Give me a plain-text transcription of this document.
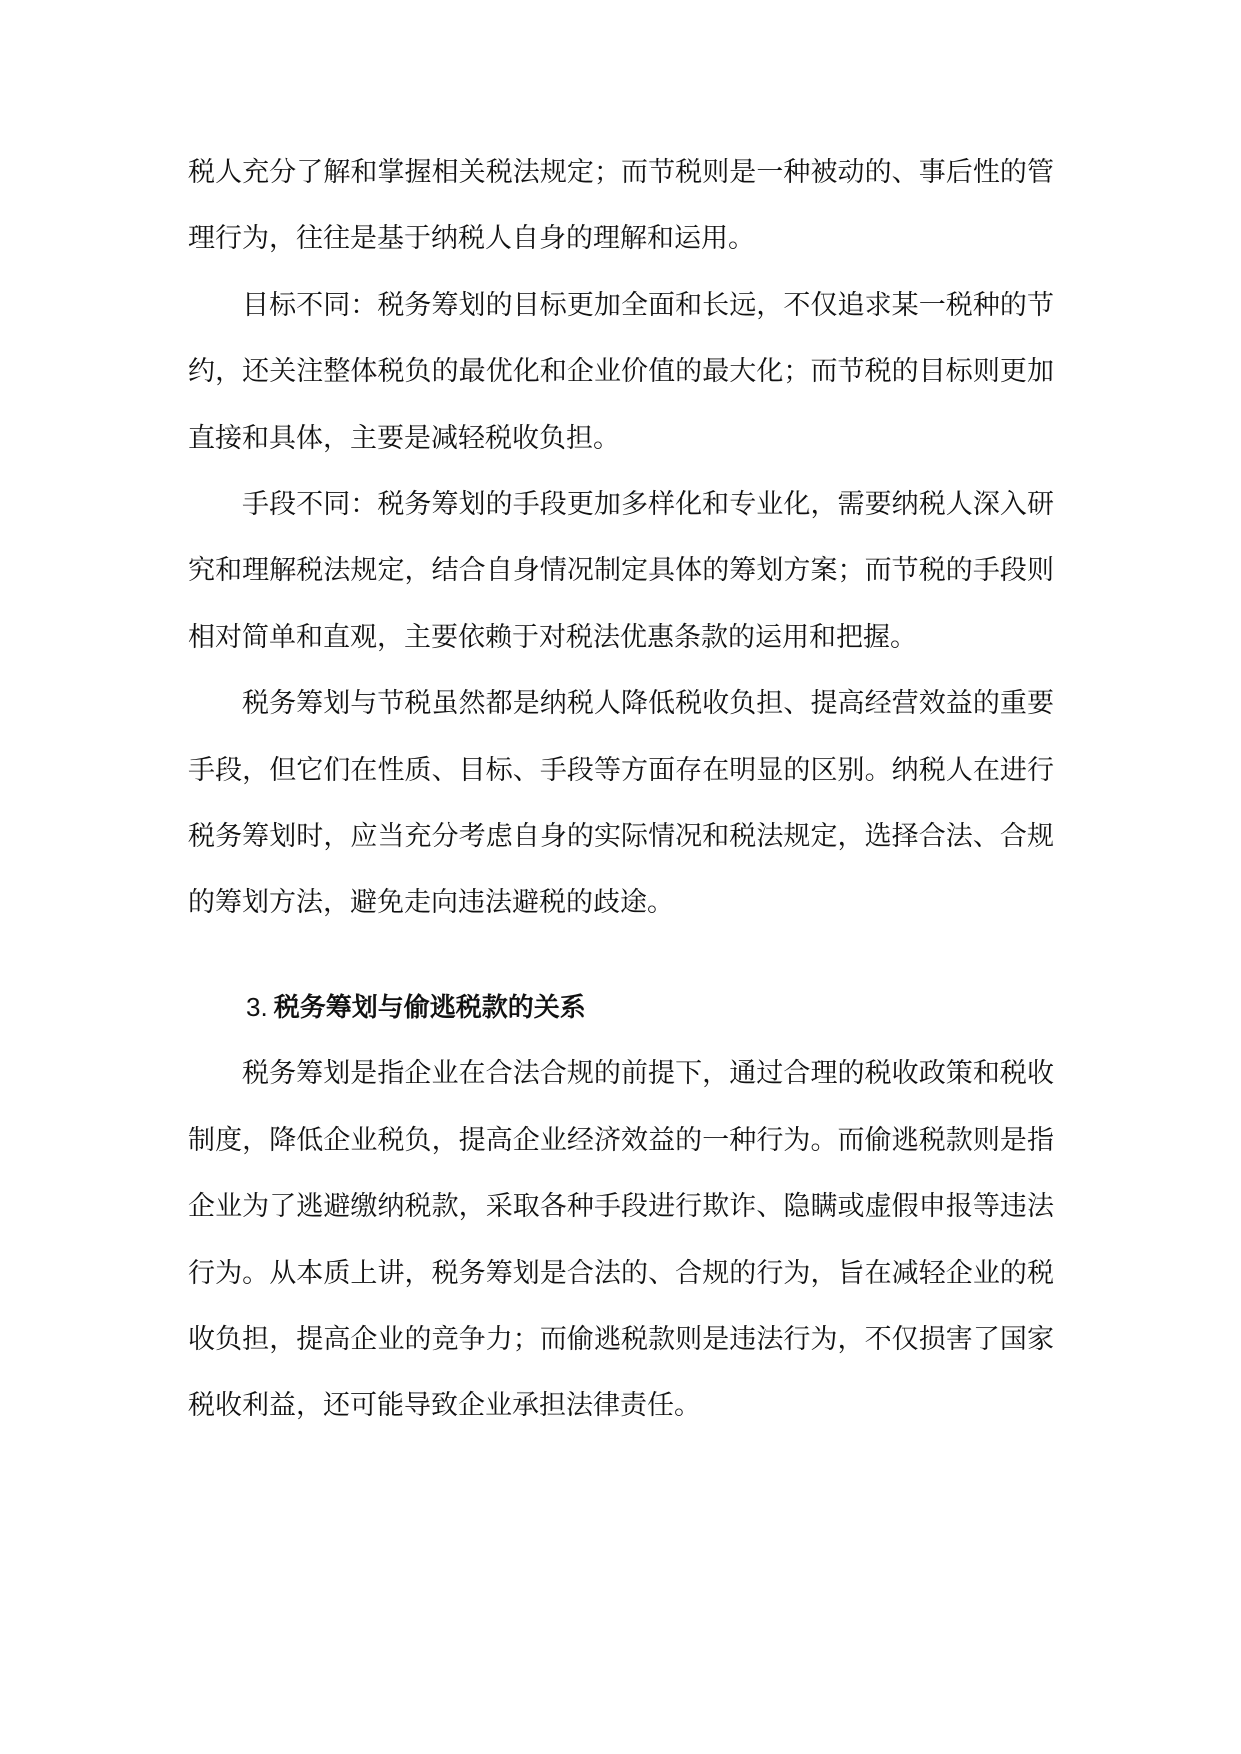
税人充分了解和掌握相关税法规定；而节税则是一种被动的、事后性的管理行为，往往是基于纳税人自身的理解和运用。

目标不同：税务筹划的目标更加全面和长远，不仅追求某一税种的节约，还关注整体税负的最优化和企业价值的最大化；而节税的目标则更加直接和具体，主要是减轻税收负担。

手段不同：税务筹划的手段更加多样化和专业化，需要纳税人深入研究和理解税法规定，结合自身情况制定具体的筹划方案；而节税的手段则相对简单和直观，主要依赖于对税法优惠条款的运用和把握。

税务筹划与节税虽然都是纳税人降低税收负担、提高经营效益的重要手段，但它们在性质、目标、手段等方面存在明显的区别。纳税人在进行税务筹划时，应当充分考虑自身的实际情况和税法规定，选择合法、合规的筹划方法，避免走向违法避税的歧途。

3. 税务筹划与偷逃税款的关系

税务筹划是指企业在合法合规的前提下，通过合理的税收政策和税收制度，降低企业税负，提高企业经济效益的一种行为。而偷逃税款则是指企业为了逃避缴纳税款，采取各种手段进行欺诈、隐瞒或虚假申报等违法行为。从本质上讲，税务筹划是合法的、合规的行为，旨在减轻企业的税收负担，提高企业的竞争力；而偷逃税款则是违法行为，不仅损害了国家税收利益，还可能导致企业承担法律责任。
